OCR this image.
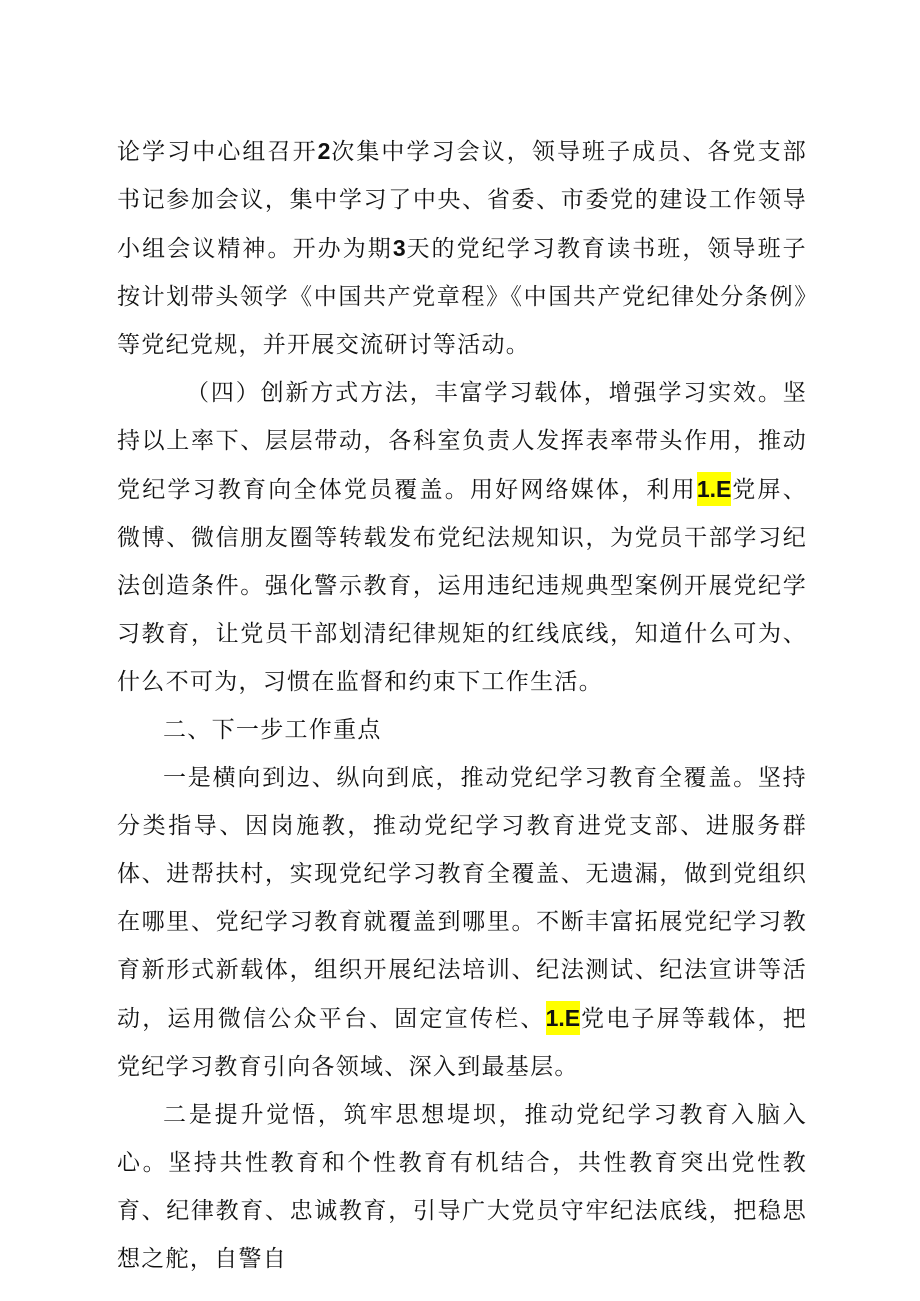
论学习中心组召开2次集中学习会议，领导班子成员、各党支部书记参加会议，集中学习了中央、省委、市委党的建设工作领导小组会议精神。开办为期3天的党纪学习教育读书班，领导班子按计划带头领学《中国共产党章程》《中国共产党纪律处分条例》等党纪党规，并开展交流研讨等活动。

（四）创新方式方法，丰富学习载体，增强学习实效。坚持以上率下、层层带动，各科室负责人发挥表率带头作用，推动党纪学习教育向全体党员覆盖。用好网络媒体，利用1.E党屏、微博、微信朋友圈等转载发布党纪法规知识，为党员干部学习纪法创造条件。强化警示教育，运用违纪违规典型案例开展党纪学习教育，让党员干部划清纪律规矩的红线底线，知道什么可为、什么不可为，习惯在监督和约束下工作生活。

二、下一步工作重点

一是横向到边、纵向到底，推动党纪学习教育全覆盖。坚持分类指导、因岗施教，推动党纪学习教育进党支部、进服务群体、进帮扶村，实现党纪学习教育全覆盖、无遗漏，做到党组织在哪里、党纪学习教育就覆盖到哪里。不断丰富拓展党纪学习教育新形式新载体，组织开展纪法培训、纪法测试、纪法宣讲等活动，运用微信公众平台、固定宣传栏、1.E党电子屏等载体，把党纪学习教育引向各领域、深入到最基层。

二是提升觉悟，筑牢思想堤坝，推动党纪学习教育入脑入心。坚持共性教育和个性教育有机结合，共性教育突出党性教育、纪律教育、忠诚教育，引导广大党员守牢纪法底线，把稳思想之舵，自警自
